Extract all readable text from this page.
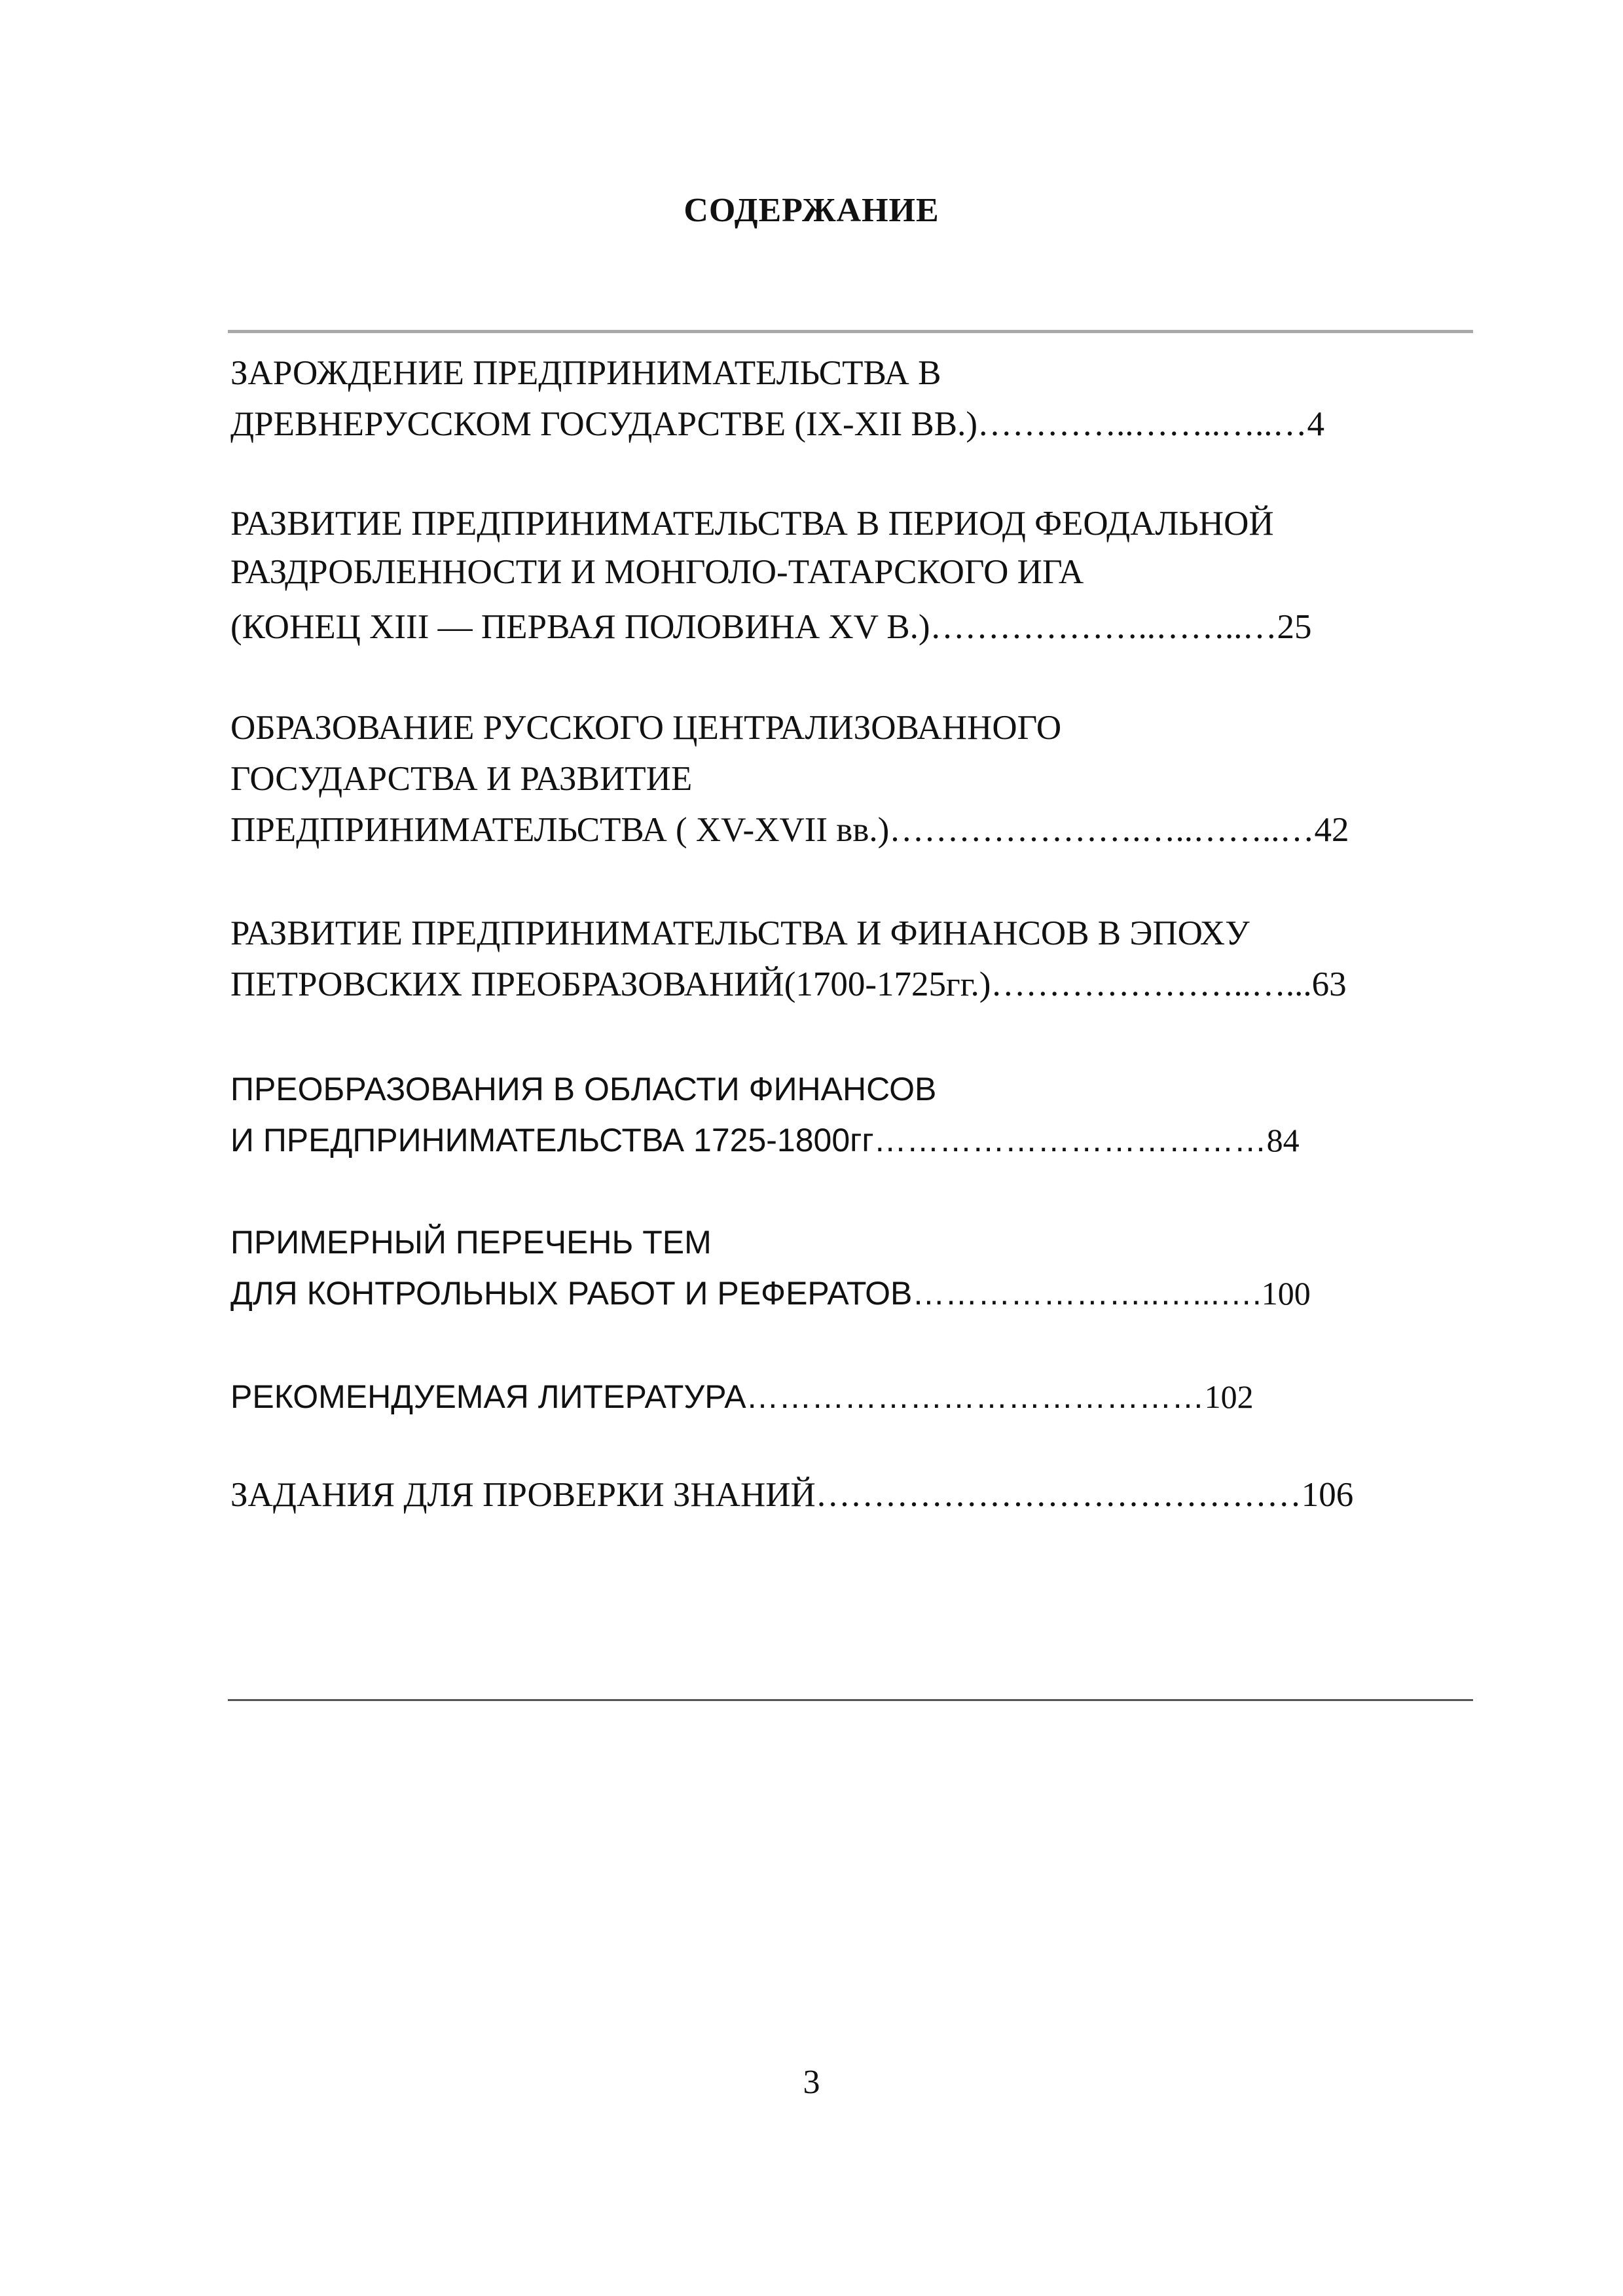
СОДЕРЖАНИЕ
ЗАРОЖДЕНИЕ ПРЕДПРИНИМАТЕЛЬСТВА В
ДРЕВНЕРУССКОМ ГОСУДАРСТВЕ (IX-XII ВВ.)…………..……..…..…4
РАЗВИТИЕ ПРЕДПРИНИМАТЕЛЬСТВА В ПЕРИОД ФЕОДАЛЬНОЙ
РАЗДРОБЛЕННОСТИ И МОНГОЛО-ТАТАРСКОГО ИГА
(КОНЕЦ XIII — ПЕРВАЯ ПОЛОВИНА XV В.)………………..……..…25
ОБРАЗОВАНИЕ РУССКОГО ЦЕНТРАЛИЗОВАННОГО
ГОСУДАРСТВА И РАЗВИТИЕ
ПРЕДПРИНИМАТЕЛЬСТВА ( XV-XVII вв.)………………….…..……..…42
РАЗВИТИЕ ПРЕДПРИНИМАТЕЛЬСТВА И ФИНАНСОВ В ЭПОХУ
ПЕТРОВСКИХ ПРЕОБРАЗОВАНИЙ(1700-1725гг.)…………………..…...63
ПРЕОБРАЗОВАНИЯ В ОБЛАСТИ ФИНАНСОВ
И ПРЕДПРИНИМАТЕЛЬСТВА 1725-1800гг………………………………84
ПРИМЕРНЫЙ ПЕРЕЧЕНЬ ТЕМ
ДЛЯ КОНТРОЛЬНЫХ РАБОТ И РЕФЕРАТОВ…………………..…...….100
РЕКОМЕНДУЕМАЯ ЛИТЕРАТУРА……………………………………102
ЗАДАНИЯ ДЛЯ ПРОВЕРКИ ЗНАНИЙ……………………………………106
3
